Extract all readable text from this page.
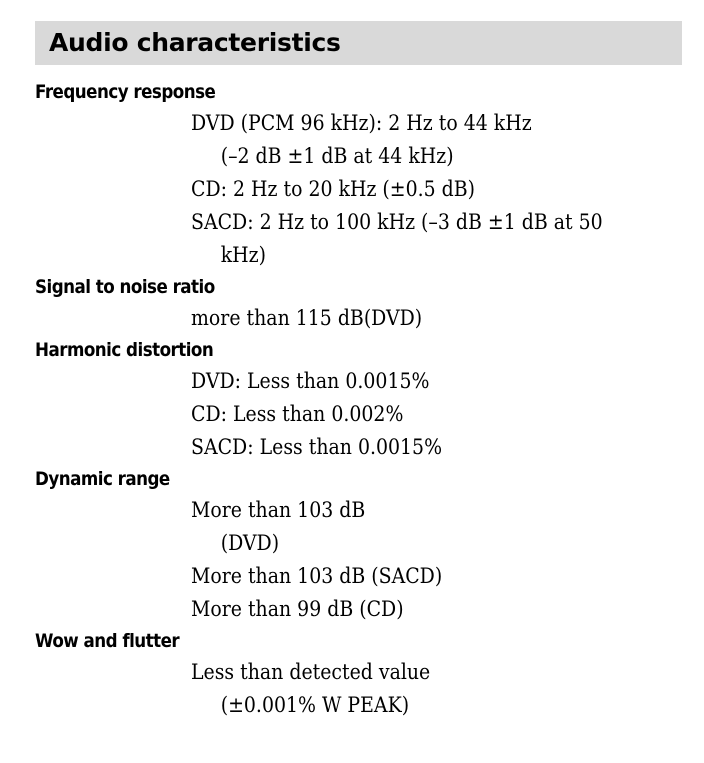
Audio characteristics
Frequency response
DVD (PCM 96 kHz): 2 Hz to 44 kHz
(–2 dB ±1 dB at 44 kHz)
CD: 2 Hz to 20 kHz (±0.5 dB)
SACD: 2 Hz to 100 kHz (–3 dB ±1 dB at 50
kHz)
Signal to noise ratio
more than 115 dB(DVD)
Harmonic distortion
DVD: Less than 0.0015%
CD: Less than 0.002%
SACD: Less than 0.0015%
Dynamic range
More than 103 dB
(DVD)
More than 103 dB (SACD)
More than 99 dB (CD)
Wow and flutter
Less than detected value
(±0.001% W PEAK)
